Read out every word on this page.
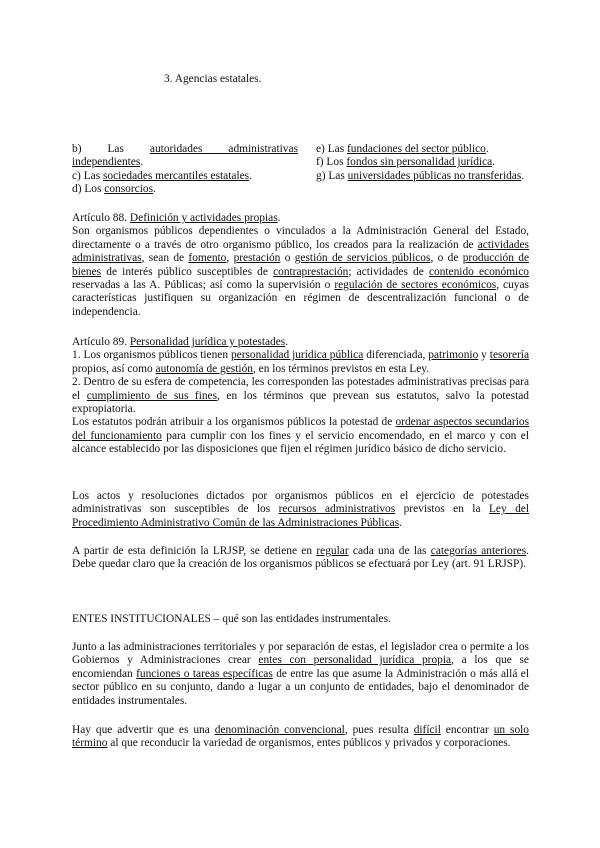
3. Agencias estatales.

b) Las autoridades administrativas independientes.

c) Las sociedades mercantiles estatales.

d) Los consorcios.

e) Las fundaciones del sector público.

f) Los fondos sin personalidad jurídica.

g) Las universidades públicas no transferidas.

Artículo 88. Definición y actividades propias.

Son organismos públicos dependientes o vinculados a la Administración General del Estado, directamente o a través de otro organismo público, los creados para la realización de actividades administrativas, sean de fomento, prestación o gestión de servicios públicos, o de producción de bienes de interés público susceptibles de contraprestación; actividades de contenido económico reservadas a las A. Públicas; así como la supervisión o regulación de sectores económicos, cuyas características justifiquen su organización en régimen de descentralización funcional o de independencia.

Artículo 89. Personalidad jurídica y potestades.

1. Los organismos públicos tienen personalidad jurídica pública diferenciada, patrimonio y tesorería propios, así como autonomía de gestión, en los términos previstos en esta Ley.

2. Dentro de su esfera de competencia, les corresponden las potestades administrativas precisas para el cumplimiento de sus fines, en los términos que prevean sus estatutos, salvo la potestad expropiatoria.

Los estatutos podrán atribuir a los organismos públicos la potestad de ordenar aspectos secundarios del funcionamiento para cumplir con los fines y el servicio encomendado, en el marco y con el alcance establecido por las disposiciones que fijen el régimen jurídico básico de dicho servicio.

Los actos y resoluciones dictados por organismos públicos en el ejercicio de potestades administrativas son susceptibles de los recursos administrativos previstos en la Ley del Procedimiento Administrativo Común de las Administraciones Públicas.

A partir de esta definición la LRJSP, se detiene en regular cada una de las categorías anteriores. Debe quedar claro que la creación de los organismos públicos se efectuará por Ley (art. 91 LRJSP).

ENTES INSTITUCIONALES – qué son las entidades instrumentales.

Junto a las administraciones territoriales y por separación de estas, el legislador crea o permite a los Gobiernos y Administraciones crear entes con personalidad jurídica propia, a los que se encomiendan funciones o tareas específicas de entre las que asume la Administración o más allá el sector público en su conjunto, dando a lugar a un conjunto de entidades, bajo el denominador de entidades instrumentales.

Hay que advertir que es una denominación convencional, pues resulta difícil encontrar un solo término al que reconducir la variedad de organismos, entes públicos y privados y corporaciones.
